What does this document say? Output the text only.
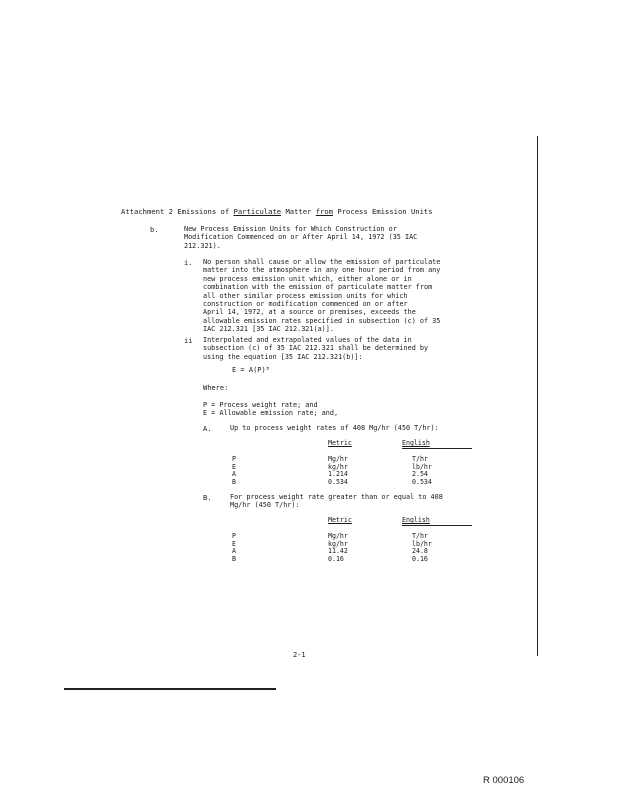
Attachment 2 Emissions of Particulate Matter from Process Emission Units
b.	New Process Emission Units for Which Construction or
Modification Commenced on or After April 14, 1972 (35 IAC
212.321).
i. No person shall cause or allow the emission of particulate
matter into the atmosphere in any one hour period from any
new process emission unit which, either alone or in
combination with the emission of particulate matter from
all other similar process emission units for which
construction or modification commenced on or after
April 14, 1972, at a source or premises, exceeds the
allowable emission rates specified in subsection (c) of 35
IAC 212.321 [35 IAC 212.321(a)].
ii Interpolated and extrapolated values of the data in
subsection (c) of 35 IAC 212.321 shall be determined by
using the equation [35 IAC 212.321(b)]:
E = A(P)ᴮ
Where:
P = Process weight rate; and
E = Allowable emission rate; and,
A.	Up to process weight rates of 408 Mg/hr (450 T/hr):
	Metric	English

P	Mg/hr	T/hr
E	kg/hr	lb/hr
A	1.214	2.54
B	0.534	0.534
B.	For process weight rate greater than or equal to 408
Mg/hr (450 T/hr):
	Metric	English

P	Mg/hr	T/hr
E	kg/hr	lb/hr
A	11.42	24.8
B	0.16	0.16
2-1
R 000106
